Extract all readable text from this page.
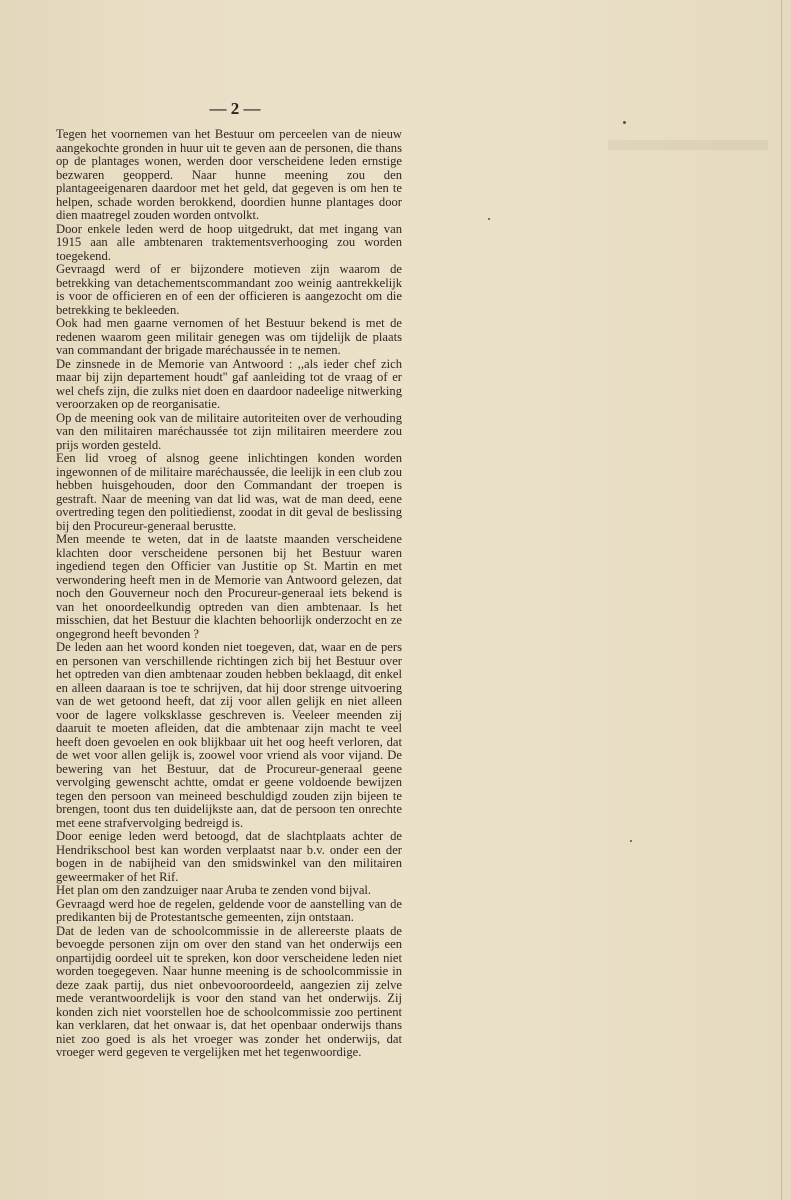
— 2 —

Tegen het voornemen van het Bestuur om perceelen van de nieuw aangekochte gronden in huur uit te geven aan de personen, die thans op de plantages wonen, werden door verscheidene leden ernstige bezwaren geopperd. Naar hunne meening zou den plantageeigenaren daardoor met het geld, dat gegeven is om hen te helpen, schade worden berokkend, doordien hunne plantages door dien maatregel zouden worden ontvolkt.

Door enkele leden werd de hoop uitgedrukt, dat met ingang van 1915 aan alle ambtenaren traktementsverhooging zou worden toegekend.

Gevraagd werd of er bijzondere motieven zijn waarom de betrekking van detachementscommandant zoo weinig aantrekkelijk is voor de officieren en of een der officieren is aangezocht om die betrekking te bekleeden.

Ook had men gaarne vernomen of het Bestuur bekend is met de redenen waarom geen militair genegen was om tijdelijk de plaats van commandant der brigade maréchaussée in te nemen.

De zinsnede in de Memorie van Antwoord : ,,als ieder chef zich maar bij zijn departement houdt'' gaf aanleiding tot de vraag of er wel chefs zijn, die zulks niet doen en daardoor nadeelige nitwerking veroorzaken op de reorganisatie.

Op de meening ook van de militaire autoriteiten over de verhouding van den militairen maréchaussée tot zijn militairen meerdere zou prijs worden gesteld.

Een lid vroeg of alsnog geene inlichtingen konden worden ingewonnen of de militaire maréchaussée, die leelijk in een club zou hebben huisgehouden, door den Commandant der troepen is gestraft. Naar de meening van dat lid was, wat de man deed, eene overtreding tegen den politiedienst, zoodat in dit geval de beslissing bij den Procureur-generaal berustte.

Men meende te weten, dat in de laatste maanden verscheidene klachten door verscheidene personen bij het Bestuur waren ingediend tegen den Officier van Justitie op St. Martin en met verwondering heeft men in de Memorie van Antwoord gelezen, dat noch den Gouverneur noch den Procureur-generaal iets bekend is van het onoordeelkundig optreden van dien ambtenaar. Is het misschien, dat het Bestuur die klachten behoorlijk onderzocht en ze ongegrond heeft bevonden ?

De leden aan het woord konden niet toegeven, dat, waar en de pers en personen van verschillende richtingen zich bij het Bestuur over het optreden van dien ambtenaar zouden hebben beklaagd, dit enkel en alleen daaraan is toe te schrijven, dat hij door strenge uitvoering van de wet getoond heeft, dat zij voor allen gelijk en niet alleen voor de lagere volksklasse geschreven is. Veeleer meenden zij daaruit te moeten afleiden, dat die ambtenaar zijn macht te veel heeft doen gevoelen en ook blijkbaar uit het oog heeft verloren, dat de wet voor allen gelijk is, zoowel voor vriend als voor vijand. De bewering van het Bestuur, dat de Procureur-generaal geene vervolging gewenscht achtte, omdat er geene voldoende bewijzen tegen den persoon van meineed beschuldigd zouden zijn bijeen te brengen, toont dus ten duidelijkste aan, dat de persoon ten onrechte met eene strafvervolging bedreigd is.

Door eenige leden werd betoogd, dat de slachtplaats achter de Hendrikschool best kan worden verplaatst naar b.v. onder een der bogen in de nabijheid van den smidswinkel van den militairen geweermaker of het Rif.

Het plan om den zandzuiger naar Aruba te zenden vond bijval.

Gevraagd werd hoe de regelen, geldende voor de aanstelling van de predikanten bij de Protestantsche gemeenten, zijn ontstaan.

Dat de leden van de schoolcommissie in de allereerste plaats de bevoegde personen zijn om over den stand van het onderwijs een onpartijdig oordeel uit te spreken, kon door verscheidene leden niet worden toegegeven. Naar hunne meening is de schoolcommissie in deze zaak partij, dus niet onbevooroordeeld, aangezien zij zelve mede verantwoordelijk is voor den stand van het onderwijs. Zij konden zich niet voorstellen hoe de schoolcommissie zoo pertinent kan verklaren, dat het onwaar is, dat het openbaar onderwijs thans niet zoo goed is als het vroeger was zonder het onderwijs, dat vroeger werd gegeven te vergelijken met het tegenwoordige.
